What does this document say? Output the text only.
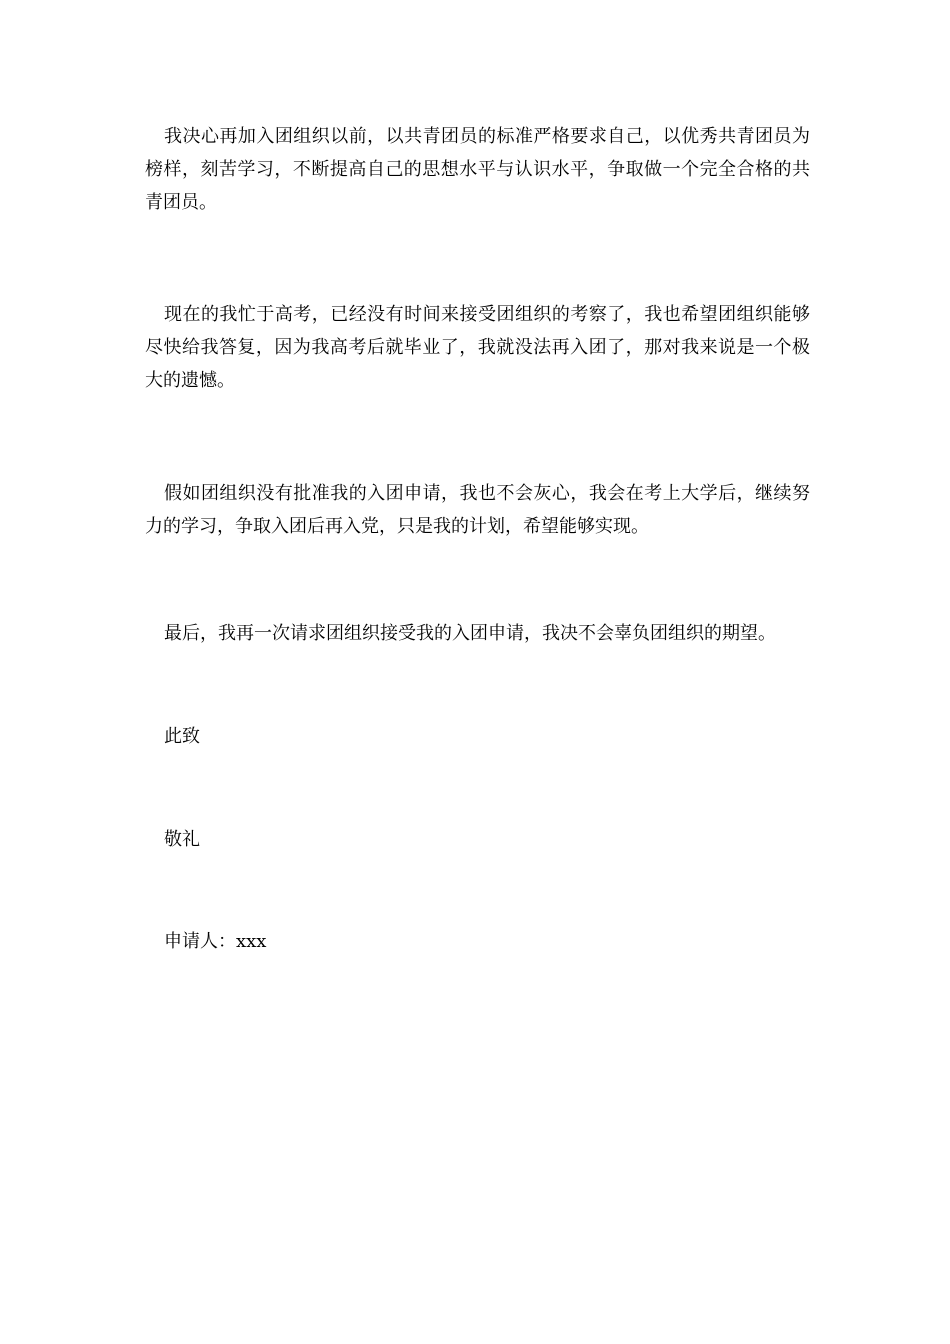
我决心再加入团组织以前，以共青团员的标准严格要求自己，以优秀共青团员为榜样，刻苦学习，不断提高自己的思想水平与认识水平，争取做一个完全合格的共青团员。

现在的我忙于高考，已经没有时间来接受团组织的考察了，我也希望团组织能够尽快给我答复，因为我高考后就毕业了，我就没法再入团了，那对我来说是一个极大的遗憾。

假如团组织没有批准我的入团申请，我也不会灰心，我会在考上大学后，继续努力的学习，争取入团后再入党，只是我的计划，希望能够实现。

最后，我再一次请求团组织接受我的入团申请，我决不会辜负团组织的期望。

此致

敬礼

申请人：xxx
